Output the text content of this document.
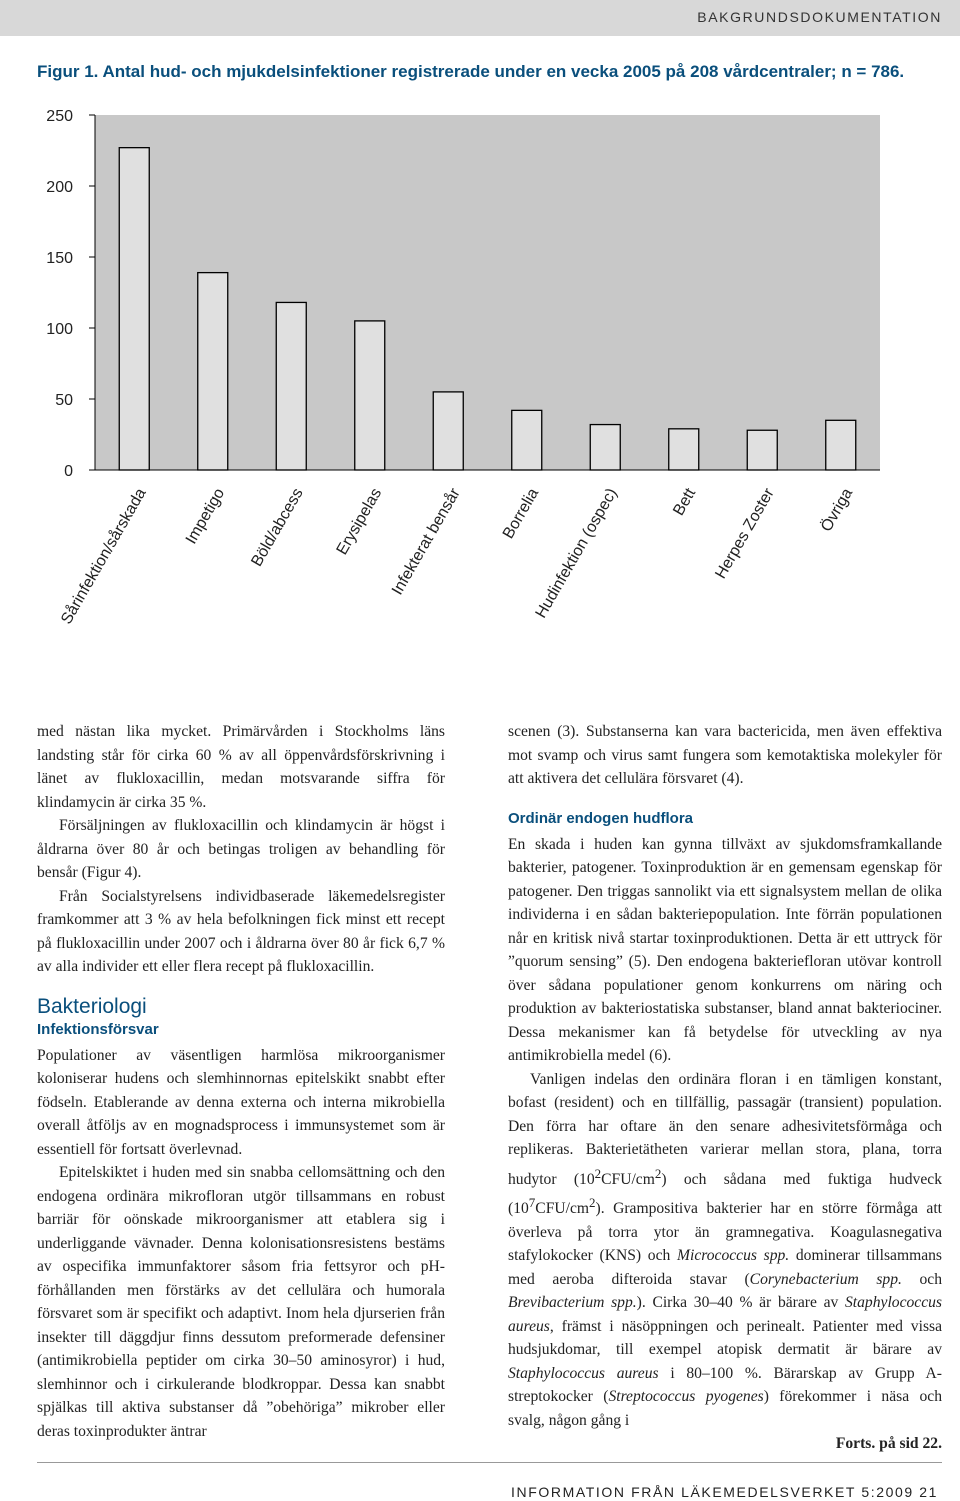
BAKGRUNDSDOKUMENTATION
Figur 1. Antal hud- och mjukdelsinfektioner registrerade under en vecka 2005 på 208 vårdcentraler; n = 786.
0
50
100
150
200
250
Sårinfektion/sårskada Impetigo Böld/abcess Erysipelas Infekterat bensår Borrelia
Hudinfektion (ospec)	Bett Herpes Zoster	Övriga

med nästan lika mycket. Primärvården i Stockholms läns landsting står för cirka 60 % av all öppenvårdsförskrivning i länet av flukloxacillin, medan motsvarande siffra för klindamycin är cirka 35 %.

Försäljningen av flukloxacillin och klindamycin är högst i åldrarna över 80 år och betingas troligen av behandling för bensår (Figur 4).

Från Socialstyrelsens individbaserade läkemedelsregister framkommer att 3 % av hela befolkningen fick minst ett recept på flukloxacillin under 2007 och i åldrarna över 80 år fick 6,7 % av alla individer ett eller flera recept på flukloxacillin.

Bakteriologi
Infektionsförsvar

Populationer av väsentligen harmlösa mikroorganismer koloniserar hudens och slemhinnornas epitelskikt snabbt efter födseln. Etablerande av denna externa och interna mikrobiella overall åtföljs av en mognadsprocess i immunsystemet som är essentiell för fortsatt överlevnad.

Epitelskiktet i huden med sin snabba cellomsättning och den endogena ordinära mikrofloran utgör tillsammans en robust barriär för oönskade mikroorganismer att etablera sig i underliggande vävnader. Denna kolonisationsresistens bestäms av ospecifika immunfaktorer såsom fria fettsyror och pH-förhållanden men förstärks av det cellulära och humorala försvaret som är specifikt och adaptivt. Inom hela djurserien från insekter till däggdjur finns dessutom preformerade defensiner (antimikrobiella peptider om cirka 30–50 aminosyror) i hud, slemhinnor och i cirkulerande blodkroppar. Dessa kan snabbt spjälkas till aktiva substanser då ”obehöriga” mikrober eller deras toxinprodukter äntrar

scenen (3). Substanserna kan vara bactericida, men även effektiva mot svamp och virus samt fungera som kemotaktiska molekyler för att aktivera det cellulära försvaret (4).

Ordinär endogen hudflora

En skada i huden kan gynna tillväxt av sjukdomsframkallande bakterier, patogener. Toxinproduktion är en gemensam egenskap för patogener. Den triggas sannolikt via ett signalsystem mellan de olika individerna i en sådan bakteriepopulation. Inte förrän populationen når en kritisk nivå startar toxinproduktionen. Detta är ett uttryck för ”quorum sensing” (5). Den endogena bakteriefloran utövar kontroll över sådana populationer genom konkurrens om näring och produktion av bakteriostatiska substanser, bland annat bakteriociner. Dessa mekanismer kan få betydelse för utveckling av nya antimikrobiella medel (6).

Vanligen indelas den ordinära floran i en tämligen konstant, bofast (resident) och en tillfällig, passagär (transient) population. Den förra har oftare än den senare adhesivitetsförmåga och replikeras. Bakterietätheten varierar mellan stora, plana, torra hudytor $(10^2CFU/cm^2)$ och sådana med fuktiga hudveck $(10^7CFU/cm^2)$. Grampositiva bakterier har en större förmåga att överleva på torra ytor än gramnegativa. Koagulasnegativa stafylokocker (KNS) och Micrococcus spp. dominerar tillsammans med aeroba difteroida stavar (Corynebacterium spp. och Brevibacterium spp.). Cirka 30–40 % är bärare av Staphylococcus aureus, främst i näsöppningen och perinealt. Patienter med vissa hudsjukdomar, till exempel atopisk dermatit är bärare av Staphylococcus aureus i 80–100 %. Bärarskap av Grupp A-streptokocker (Streptococcus pyogenes) förekommer i näsa och svalg, någon gång i

Forts. på sid 22.

INFORMATION FRÅN LÄKEMEDELSVERKET 5:2009 21
